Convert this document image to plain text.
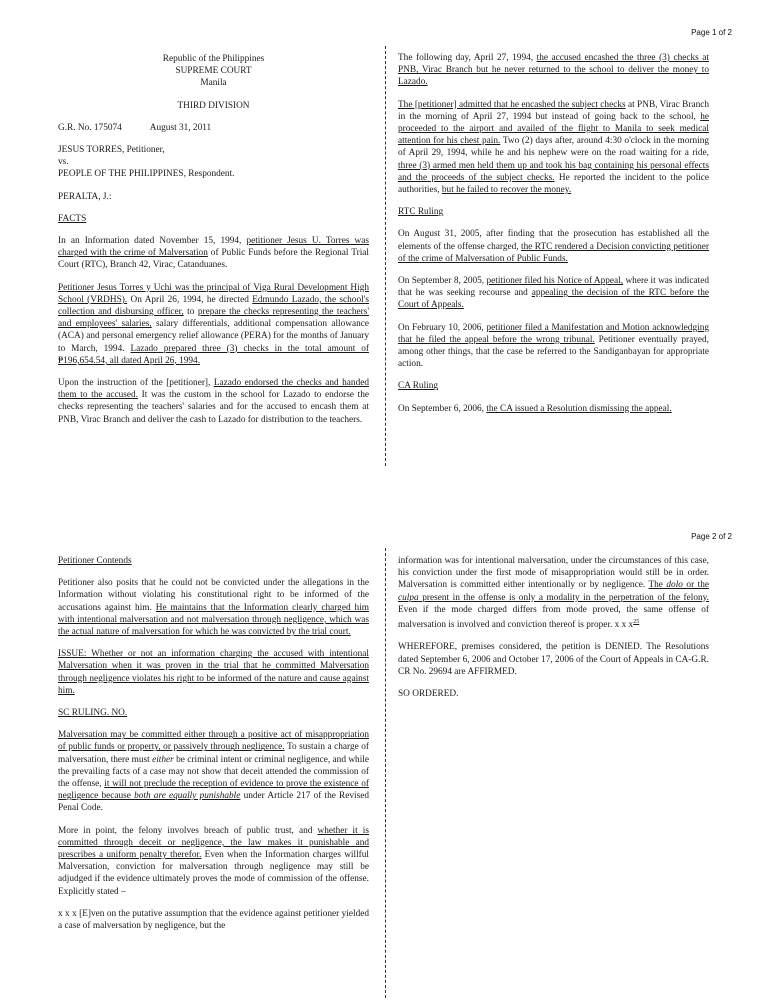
Page 1 of 2

Republic of the Philippines

SUPREME COURT

Manila

THIRD DIVISION

G.R. No. 175074	August 31, 2011

JESUS TORRES, Petitioner,

vs.

PEOPLE OF THE PHILIPPINES, Respondent.

PERALTA, J.:

FACTS

In an Information dated November 15, 1994, petitioner Jesus U. Torres was charged with the crime of Malversation of Public Funds before the Regional Trial Court (RTC), Branch 42, Virac, Catanduanes.

Petitioner Jesus Torres y Uchi was the principal of Viga Rural Development High School (VRDHS). On April 26, 1994, he directed Edmundo Lazado, the school's collection and disbursing officer, to prepare the checks representing the teachers' and employees' salaries, salary differentials, additional compensation allowance (ACA) and personal emergency relief allowance (PERA) for the months of January to March, 1994. Lazado prepared three (3) checks in the total amount of ₱196,654.54, all dated April 26, 1994.

Upon the instruction of the [petitioner], Lazado endorsed the checks and handed them to the accused. It was the custom in the school for Lazado to endorse the checks representing the teachers' salaries and for the accused to encash them at PNB, Virac Branch and deliver the cash to Lazado for distribution to the teachers.

The following day, April 27, 1994, the accused encashed the three (3) checks at PNB, Virac Branch but he never returned to the school to deliver the money to Lazado.

The [petitioner] admitted that he encashed the subject checks at PNB, Virac Branch in the morning of April 27, 1994 but instead of going back to the school, he proceeded to the airport and availed of the flight to Manila to seek medical attention for his chest pain. Two (2) days after, around 4:30 o'clock in the morning of April 29, 1994, while he and his nephew were on the road waiting for a ride, three (3) armed men held them up and took his bag containing his personal effects and the proceeds of the subject checks. He reported the incident to the police authorities, but he failed to recover the money.

RTC Ruling

On August 31, 2005, after finding that the prosecution has established all the elements of the offense charged, the RTC rendered a Decision convicting petitioner of the crime of Malversation of Public Funds.

On September 8, 2005, petitioner filed his Notice of Appeal, where it was indicated that he was seeking recourse and appealing the decision of the RTC before the Court of Appeals.

On February 10, 2006, petitioner filed a Manifestation and Motion acknowledging that he filed the appeal before the wrong tribunal. Petitioner eventually prayed, among other things, that the case be referred to the Sandiganbayan for appropriate action.

CA Ruling

On September 6, 2006, the CA issued a Resolution dismissing the appeal.

Page 2 of 2

Petitioner Contends

Petitioner also posits that he could not be convicted under the allegations in the Information without violating his constitutional right to be informed of the accusations against him. He maintains that the Information clearly charged him with intentional malversation and not malversation through negligence, which was the actual nature of malversation for which he was convicted by the trial court.

ISSUE: Whether or not an information charging the accused with intentional Malversation when it was proven in the trial that he committed Malversation through negligence violates his right to be informed of the nature and cause against him.

SC RULING. NO.

Malversation may be committed either through a positive act of misappropriation of public funds or property, or passively through negligence. To sustain a charge of malversation, there must either be criminal intent or criminal negligence, and while the prevailing facts of a case may not show that deceit attended the commission of the offense, it will not preclude the reception of evidence to prove the existence of negligence because both are equally punishable under Article 217 of the Revised Penal Code.

More in point, the felony involves breach of public trust, and whether it is committed through deceit or negligence, the law makes it punishable and prescribes a uniform penalty therefor. Even when the Information charges willful Malversation, conviction for malversation through negligence may still be adjudged if the evidence ultimately proves the mode of commission of the offense. Explicitly stated –

x x x [E]ven on the putative assumption that the evidence against petitioner yielded a case of malversation by negligence, but the

information was for intentional malversation, under the circumstances of this case, his conviction under the first mode of misappropriation would still be in order. Malversation is committed either intentionally or by negligence. The dolo or the culpa present in the offense is only a modality in the perpetration of the felony. Even if the mode charged differs from mode proved, the same offense of malversation is involved and conviction thereof is proper. x x $x^{25}$

WHEREFORE, premises considered, the petition is DENIED. The Resolutions dated September 6, 2006 and October 17, 2006 of the Court of Appeals in CA-G.R. CR No. 29694 are AFFIRMED.

SO ORDERED.
